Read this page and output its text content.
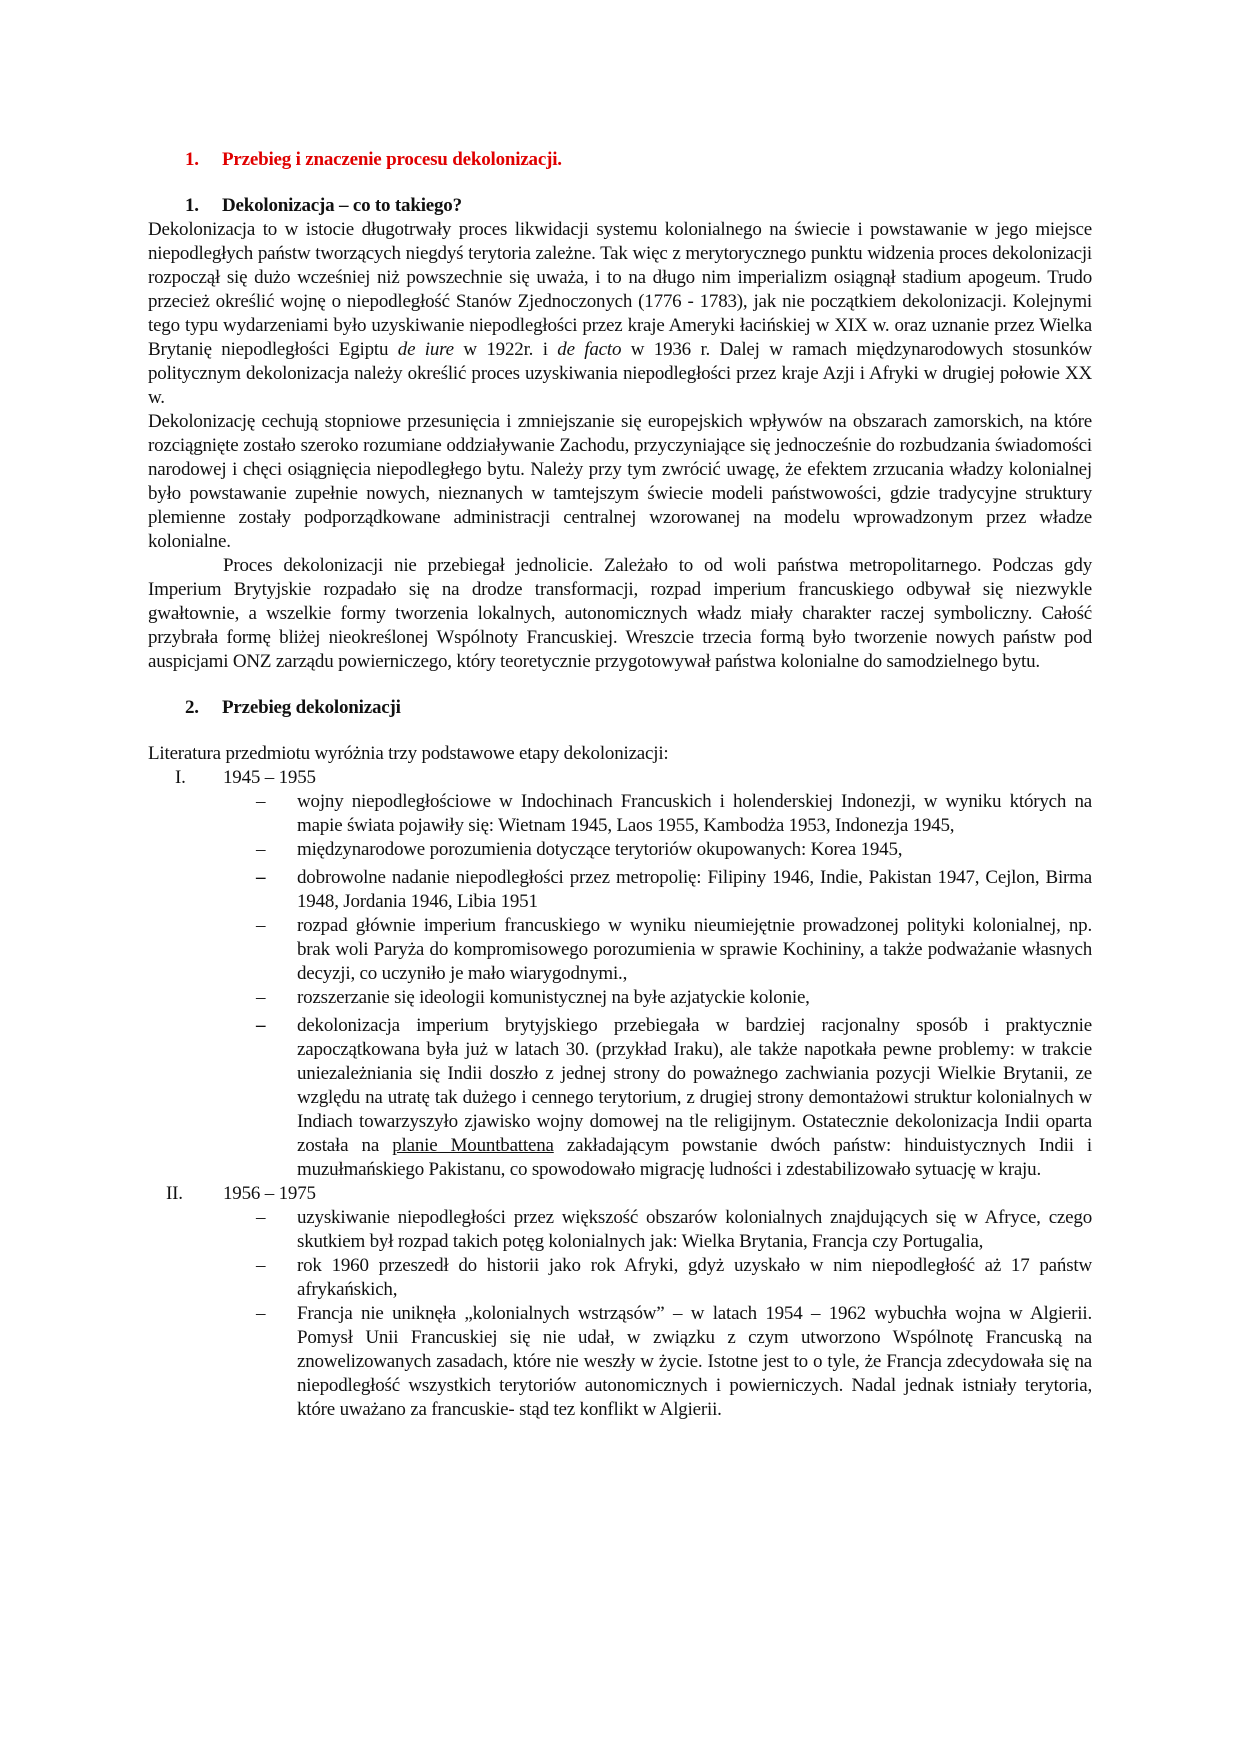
1.	Przebieg i znaczenie procesu dekolonizacji.
1.	Dekolonizacja – co to takiego?

Dekolonizacja to w istocie długotrwały proces likwidacji systemu kolonialnego na świecie i powstawanie w jego miejsce niepodległych państw tworzących niegdyś terytoria zależne. Tak więc z merytorycznego punktu widzenia proces dekolonizacji rozpoczął się dużo wcześniej niż powszechnie się uważa, i to na długo nim imperializm osiągnął stadium apogeum. Trudo przecież określić wojnę o niepodległość Stanów Zjednoczonych (1776 - 1783), jak nie początkiem dekolonizacji. Kolejnymi tego typu wydarzeniami było uzyskiwanie niepodległości przez kraje Ameryki łacińskiej w XIX w. oraz uznanie przez Wielka Brytanię niepodległości Egiptu de iure w 1922r. i de facto w 1936 r. Dalej w ramach międzynarodowych stosunków politycznym dekolonizacja należy określić proces uzyskiwania niepodległości przez kraje Azji i Afryki w drugiej połowie XX w.

Dekolonizację cechują stopniowe przesunięcia i zmniejszanie się europejskich wpływów na obszarach zamorskich, na które rozciągnięte zostało szeroko rozumiane oddziaływanie Zachodu, przyczyniające się jednocześnie do rozbudzania świadomości narodowej i chęci osiągnięcia niepodległego bytu. Należy przy tym zwrócić uwagę, że efektem zrzucania władzy kolonialnej było powstawanie zupełnie nowych, nieznanych w tamtejszym świecie modeli państwowości, gdzie tradycyjne struktury plemienne zostały podporządkowane administracji centralnej wzorowanej na modelu wprowadzonym przez władze kolonialne.

Proces dekolonizacji nie przebiegał jednolicie. Zależało to od woli państwa metropolitarnego. Podczas gdy Imperium Brytyjskie rozpadało się na drodze transformacji, rozpad imperium francuskiego odbywał się niezwykle gwałtownie, a wszelkie formy tworzenia lokalnych, autonomicznych władz miały charakter raczej symboliczny. Całość przybrała formę bliżej nieokreślonej Wspólnoty Francuskiej. Wreszcie trzecia formą było tworzenie nowych państw pod auspicjami ONZ zarządu powierniczego, który teoretycznie przygotowywał państwa kolonialne do samodzielnego bytu.

2.	Przebieg dekolonizacji

Literatura przedmiotu wyróżnia trzy podstawowe etapy dekolonizacji:

I.	1945 – 1955
– wojny niepodległościowe w Indochinach Francuskich i holenderskiej Indonezji, w wyniku których na mapie świata pojawiły się: Wietnam 1945, Laos 1955, Kambodża 1953, Indonezja 1945,
– międzynarodowe porozumienia dotyczące terytoriów okupowanych: Korea 1945,
– dobrowolne nadanie niepodległości przez metropolię: Filipiny 1946, Indie, Pakistan 1947, Cejlon, Birma 1948, Jordania 1946, Libia 1951
– rozpad głównie imperium francuskiego w wyniku nieumiejętnie prowadzonej polityki kolonialnej, np. brak woli Paryża do kompromisowego porozumienia w sprawie Kochininy, a także podważanie własnych decyzji, co uczyniło je mało wiarygodnymi.,
– rozszerzanie się ideologii komunistycznej na byłe azjatyckie kolonie,
– dekolonizacja imperium brytyjskiego przebiegała w bardziej racjonalny sposób i praktycznie zapoczątkowana była już w latach 30. (przykład Iraku), ale także napotkała pewne problemy: w trakcie uniezależniania się Indii doszło z jednej strony do poważnego zachwiania pozycji Wielkie Brytanii, ze względu na utratę tak dużego i cennego terytorium, z drugiej strony demontażowi struktur kolonialnych w Indiach towarzyszyło zjawisko wojny domowej na tle religijnym. Ostatecznie dekolonizacja Indii oparta została na planie Mountbattena zakładającym powstanie dwóch państw: hinduistycznych Indii i muzułmańskiego Pakistanu, co spowodowało migrację ludności i zdestabilizowało sytuację w kraju.
II.	1956 – 1975
– uzyskiwanie niepodległości przez większość obszarów kolonialnych znajdujących się w Afryce, czego skutkiem był rozpad takich potęg kolonialnych jak: Wielka Brytania, Francja czy Portugalia,
– rok 1960 przeszedł do historii jako rok Afryki, gdyż uzyskało w nim niepodległość aż 17 państw afrykańskich,
– Francja nie uniknęła „kolonialnych wstrząsów” – w latach 1954 – 1962 wybuchła wojna w Algierii. Pomysł Unii Francuskiej się nie udał, w związku z czym utworzono Wspólnotę Francuską na znowelizowanych zasadach, które nie weszły w życie. Istotne jest to o tyle, że Francja zdecydowała się na niepodległość wszystkich terytoriów autonomicznych i powierniczych. Nadal jednak istniały terytoria, które uważano za francuskie- stąd tez konflikt w Algierii.
